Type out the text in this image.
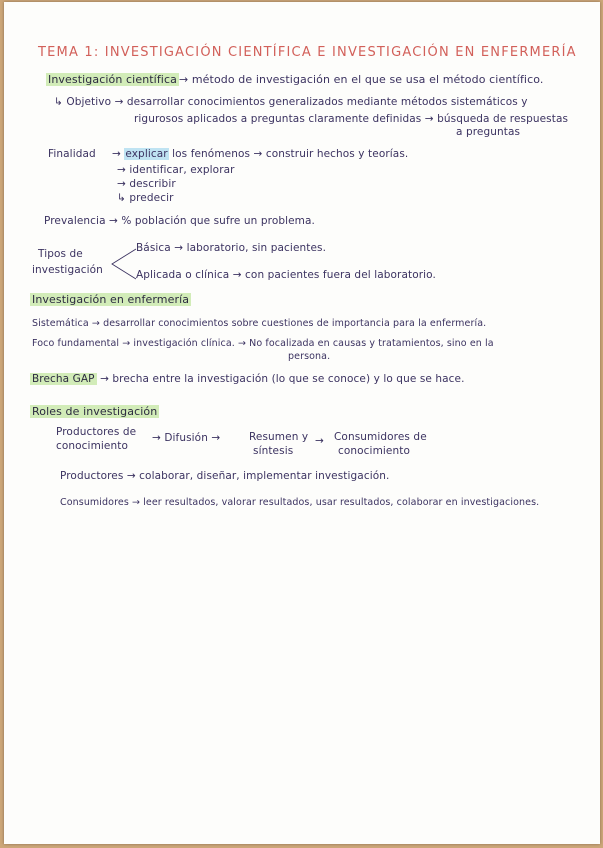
TEMA 1: INVESTIGACIÓN CIENTÍFICA E INVESTIGACIÓN EN ENFERMERÍA
Investigación científica → método de investigación en el que se usa el método científico.
↳ Objetivo → desarrollar conocimientos generalizados mediante métodos sistemáticos y
rigurosos aplicados a preguntas claramente definidas → búsqueda de respuestas
a preguntas
Finalidad → explicar los fenómenos → construir hechos y teorías.
→ identificar, explorar
→ describir
↳ predecir
Prevalencia → % población que sufre un problema.
Tipos de
investigación
Básica → laboratorio, sin pacientes.
Aplicada o clínica → con pacientes fuera del laboratorio.
Investigación en enfermería
Sistemática → desarrollar conocimientos sobre cuestiones de importancia para la enfermería.
Foco fundamental → investigación clínica. → No focalizada en causas y tratamientos, sino en la
persona.
Brecha GAP → brecha entre la investigación (lo que se conoce) y lo que se hace.
Roles de investigación
Productores de
conocimiento
→ Difusión →	Resumen y
síntesis
→ Consumidores de
conocimiento
Productores → colaborar, diseñar, implementar investigación.
Consumidores → leer resultados, valorar resultados, usar resultados, colaborar en investigaciones.
